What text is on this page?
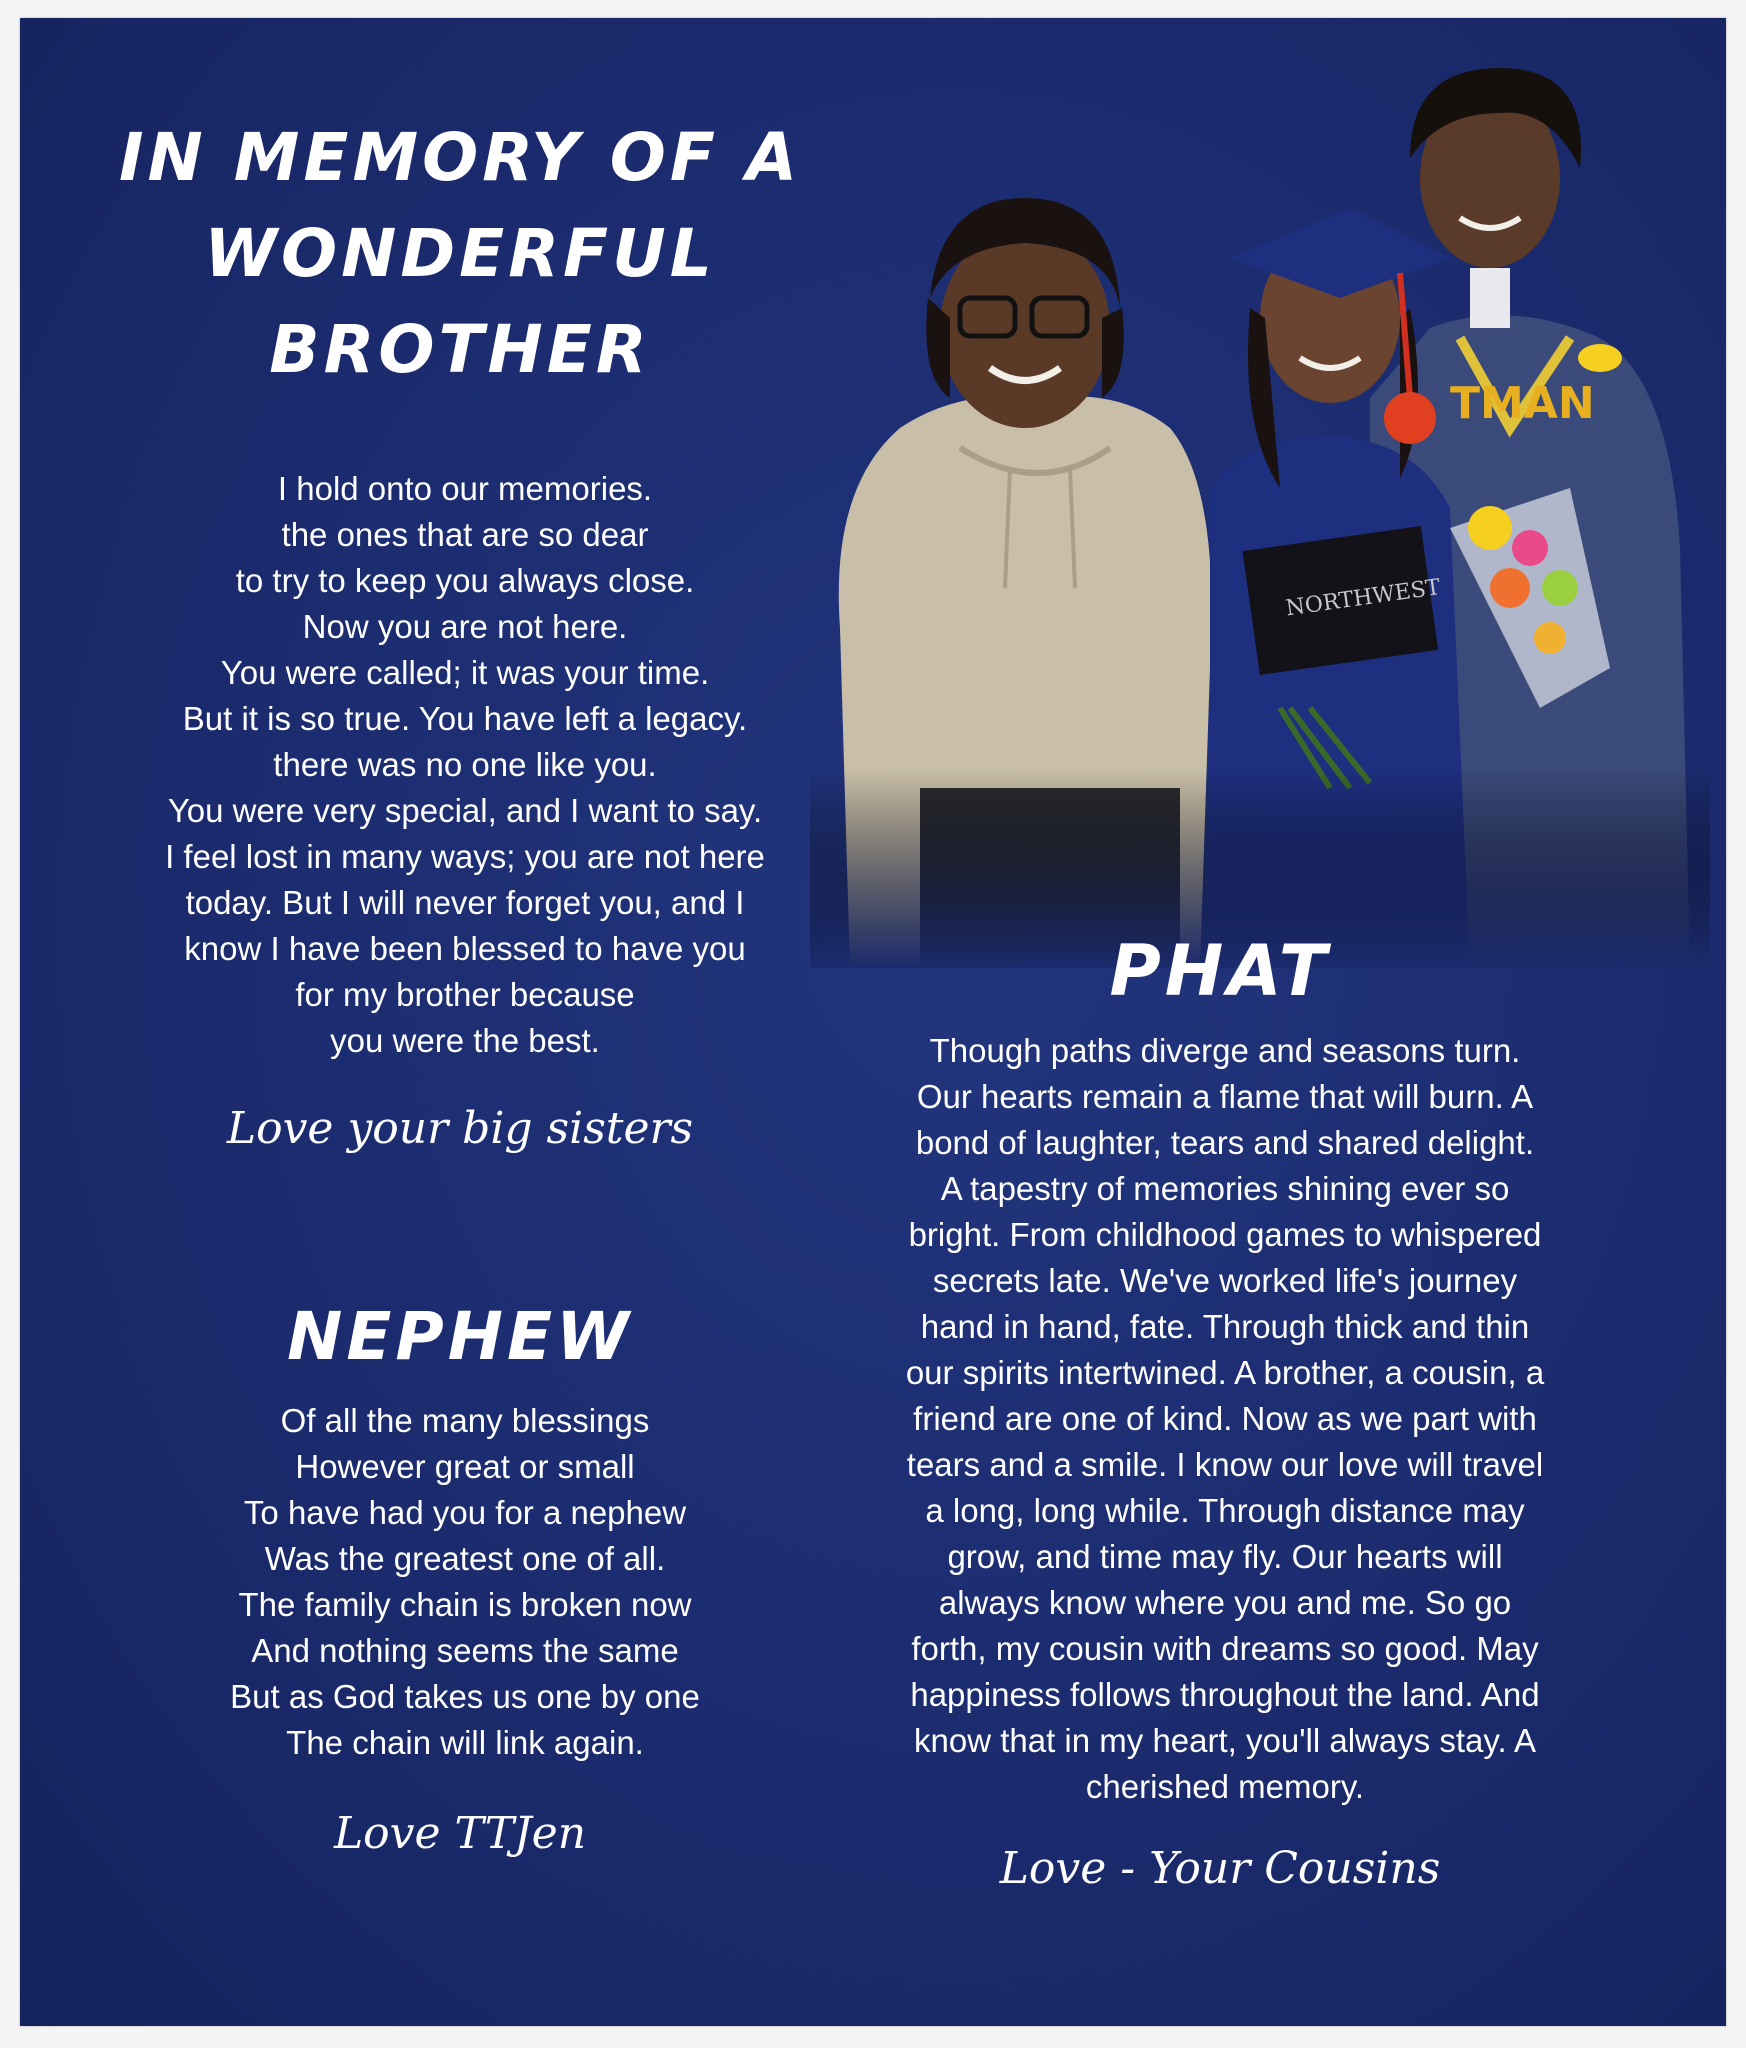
IN MEMORY OF A
WONDERFUL
BROTHER
I hold onto our memories.
the ones that are so dear
to try to keep you always close.
Now you are not here.
You were called; it was your time.
But it is so true. You have left a legacy.
there was no one like you.
You were very special, and I want to say.
I feel lost in many ways; you are not here
today. But I will never forget you, and I
know I have been blessed to have you
for my brother because
you were the best.
Love your big sisters
NEPHEW
Of all the many blessings
However great or small
To have had you for a nephew
Was the greatest one of all.
The family chain is broken now
And nothing seems the same
But as God takes us one by one
The chain will link again.
Love TTJen
TMAN
NORTHWEST
PHAT
Though paths diverge and seasons turn.
Our hearts remain a flame that will burn. A
bond of laughter, tears and shared delight.
A tapestry of memories shining ever so
bright. From childhood games to whispered
secrets late. We've worked life's journey
hand in hand, fate. Through thick and thin
our spirits intertwined. A brother, a cousin, a
friend are one of kind. Now as we part with
tears and a smile. I know our love will travel
a long, long while. Through distance may
grow, and time may fly. Our hearts will
always know where you and me. So go
forth, my cousin with dreams so good. May
happiness follows throughout the land. And
know that in my heart, you'll always stay. A
cherished memory.
Love - Your Cousins
